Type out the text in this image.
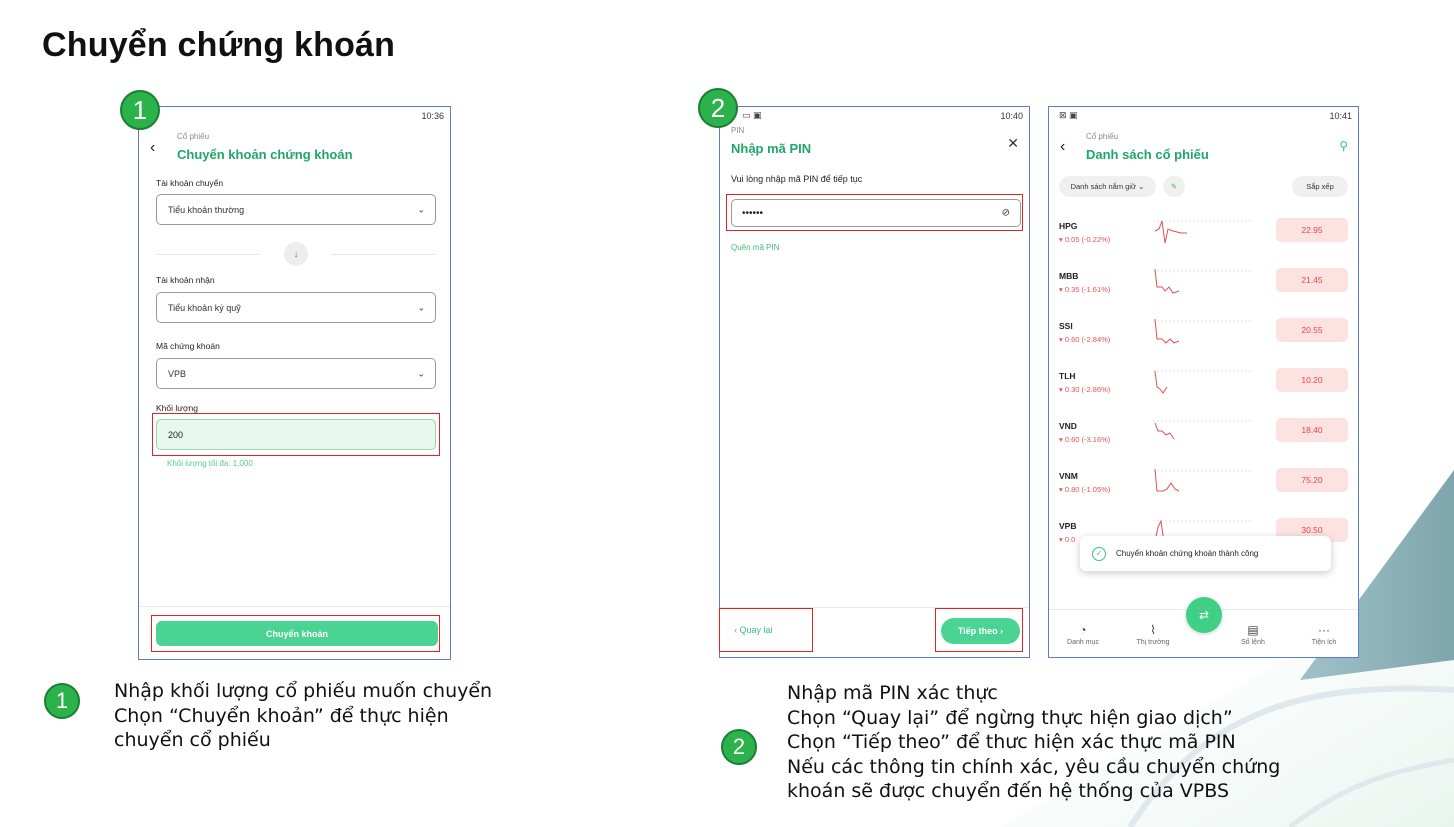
Chuyển chứng khoán
10:36
Cổ phiếu
‹ Chuyển khoản chứng khoán
Tài khoản chuyển
Tiểu khoản thường	⌄
↓
Tài khoản nhận
Tiểu khoản ký quỹ	⌄
Mã chứng khoán
VPB	⌄
Khối lượng
200
Khối lượng tối đa: 1,000
Chuyển khoản
1	▭ ▣	10:40
PIN
Nhập mã PIN	✕
Vui lòng nhập mã PIN để tiếp tục
••••••	⊘
Quên mã PIN
‹ Quay lại	Tiếp theo ›
2	⊠ ▣	10:41
Cổ phiếu
‹ Danh sách cổ phiếu
⚲
Danh sách nắm giữ ⌄	✎	Sắp xếp
HPG
▾ 0.05 (-0.22%)
22.95
MBB
▾ 0.35 (-1.61%)
21.45
SSI
▾ 0.60 (-2.84%)
20.55
TLH
▾ 0.30 (-2.86%)
10.20
VND
▾ 0.60 (-3.16%)
18.40
VNM
▾ 0.80 (-1.05%)
75.20
VPB
▾ 0.0
30.50
✓	Chuyển khoản chứng khoán thành công
⇄
◔
Danh mục
⌇
Thị trường
▤
Sổ lệnh
···
Tiện ích
1	Nhập khối lượng cổ phiếu muốn chuyển
Chọn “Chuyển khoản” để thực hiện
chuyển cổ phiếu	2
Nhập mã PIN xác thực
Chọn “Quay lại” để ngừng thực hiện giao dịch”
Chọn “Tiếp theo” để thưc hiện xác thực mã PIN
Nếu các thông tin chính xác, yêu cầu chuyển chứng
khoán sẽ được chuyển đến hệ thống của VPBS
